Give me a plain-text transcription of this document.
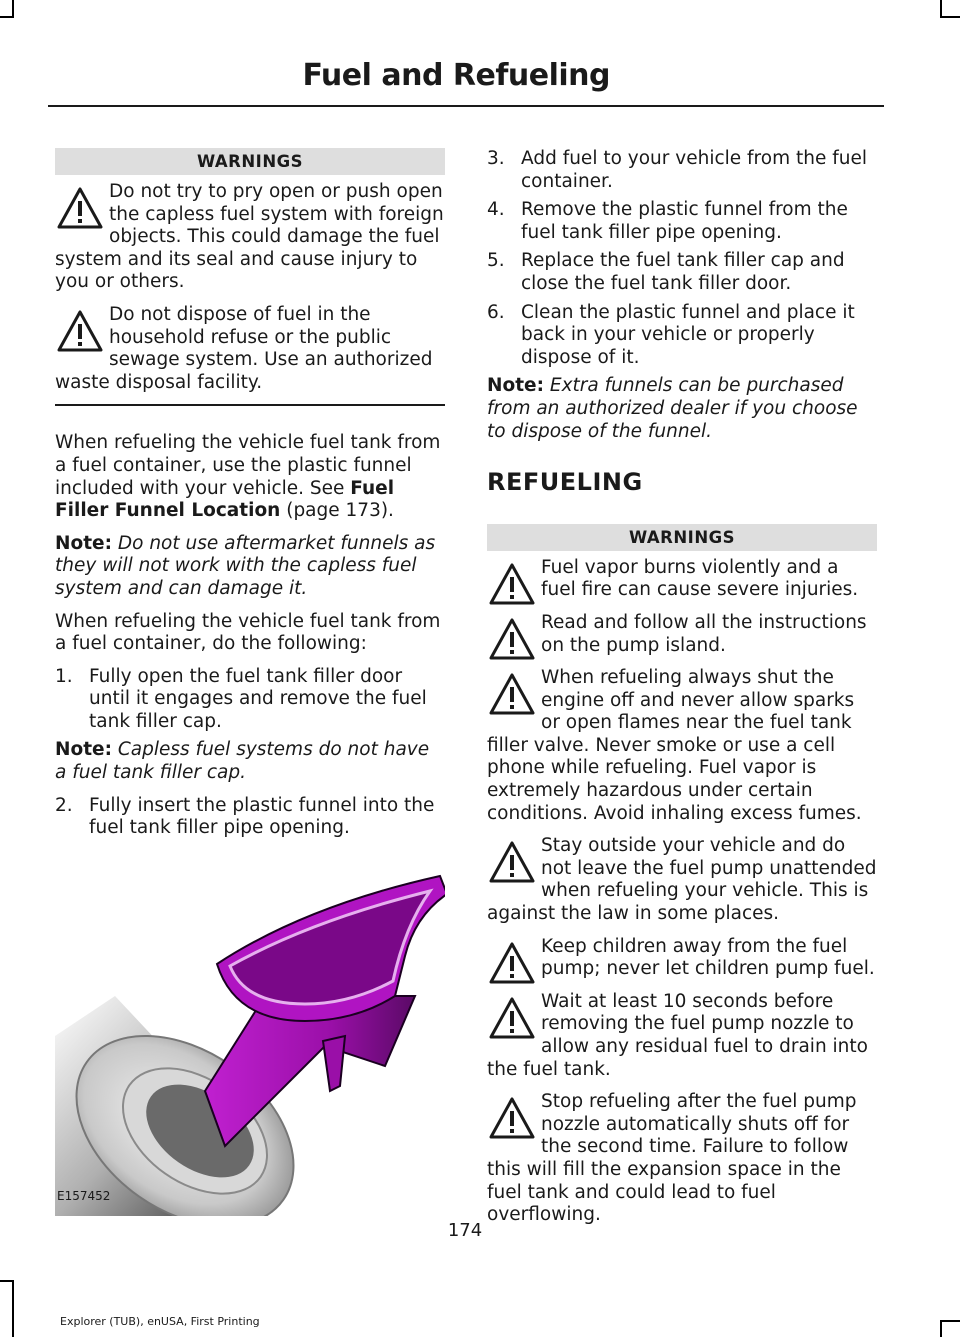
Fuel and Refueling
WARNINGS
Do not try to pry open or push open the capless fuel system with foreign objects. This could damage the fuel system and its seal and cause injury to you or others.
Do not dispose of fuel in the household refuse or the public sewage system. Use an authorized waste disposal facility.

When refueling the vehicle fuel tank from a fuel container, use the plastic funnel included with your vehicle. See Fuel Filler Funnel Location (page 173).

Note: Do not use aftermarket funnels as they will not work with the capless fuel system and can damage it.

When refueling the vehicle fuel tank from a fuel container, do the following:

1. Fully open the fuel tank filler door until it engages and remove the fuel tank filler cap.

Note: Capless fuel systems do not have a fuel tank filler cap.

2. Fully insert the plastic funnel into the fuel tank filler pipe opening.
E157452
3. Add fuel to your vehicle from the fuel container.
4. Remove the plastic funnel from the fuel tank filler pipe opening.
5. Replace the fuel tank filler cap and close the fuel tank filler door.
6. Clean the plastic funnel and place it back in your vehicle or properly dispose of it.

Note: Extra funnels can be purchased from an authorized dealer if you choose to dispose of the funnel.

REFUELING
WARNINGS
Fuel vapor burns violently and a fuel fire can cause severe injuries.
Read and follow all the instructions on the pump island.
When refueling always shut the engine off and never allow sparks or open flames near the fuel tank filler valve. Never smoke or use a cell phone while refueling. Fuel vapor is extremely hazardous under certain conditions. Avoid inhaling excess fumes.
Stay outside your vehicle and do not leave the fuel pump unattended when refueling your vehicle. This is against the law in some places.
Keep children away from the fuel pump; never let children pump fuel.
Wait at least 10 seconds before removing the fuel pump nozzle to allow any residual fuel to drain into the fuel tank.
Stop refueling after the fuel pump nozzle automatically shuts off for the second time. Failure to follow this will fill the expansion space in the fuel tank and could lead to fuel overflowing.
174
Explorer (TUB), enUSA, First Printing
